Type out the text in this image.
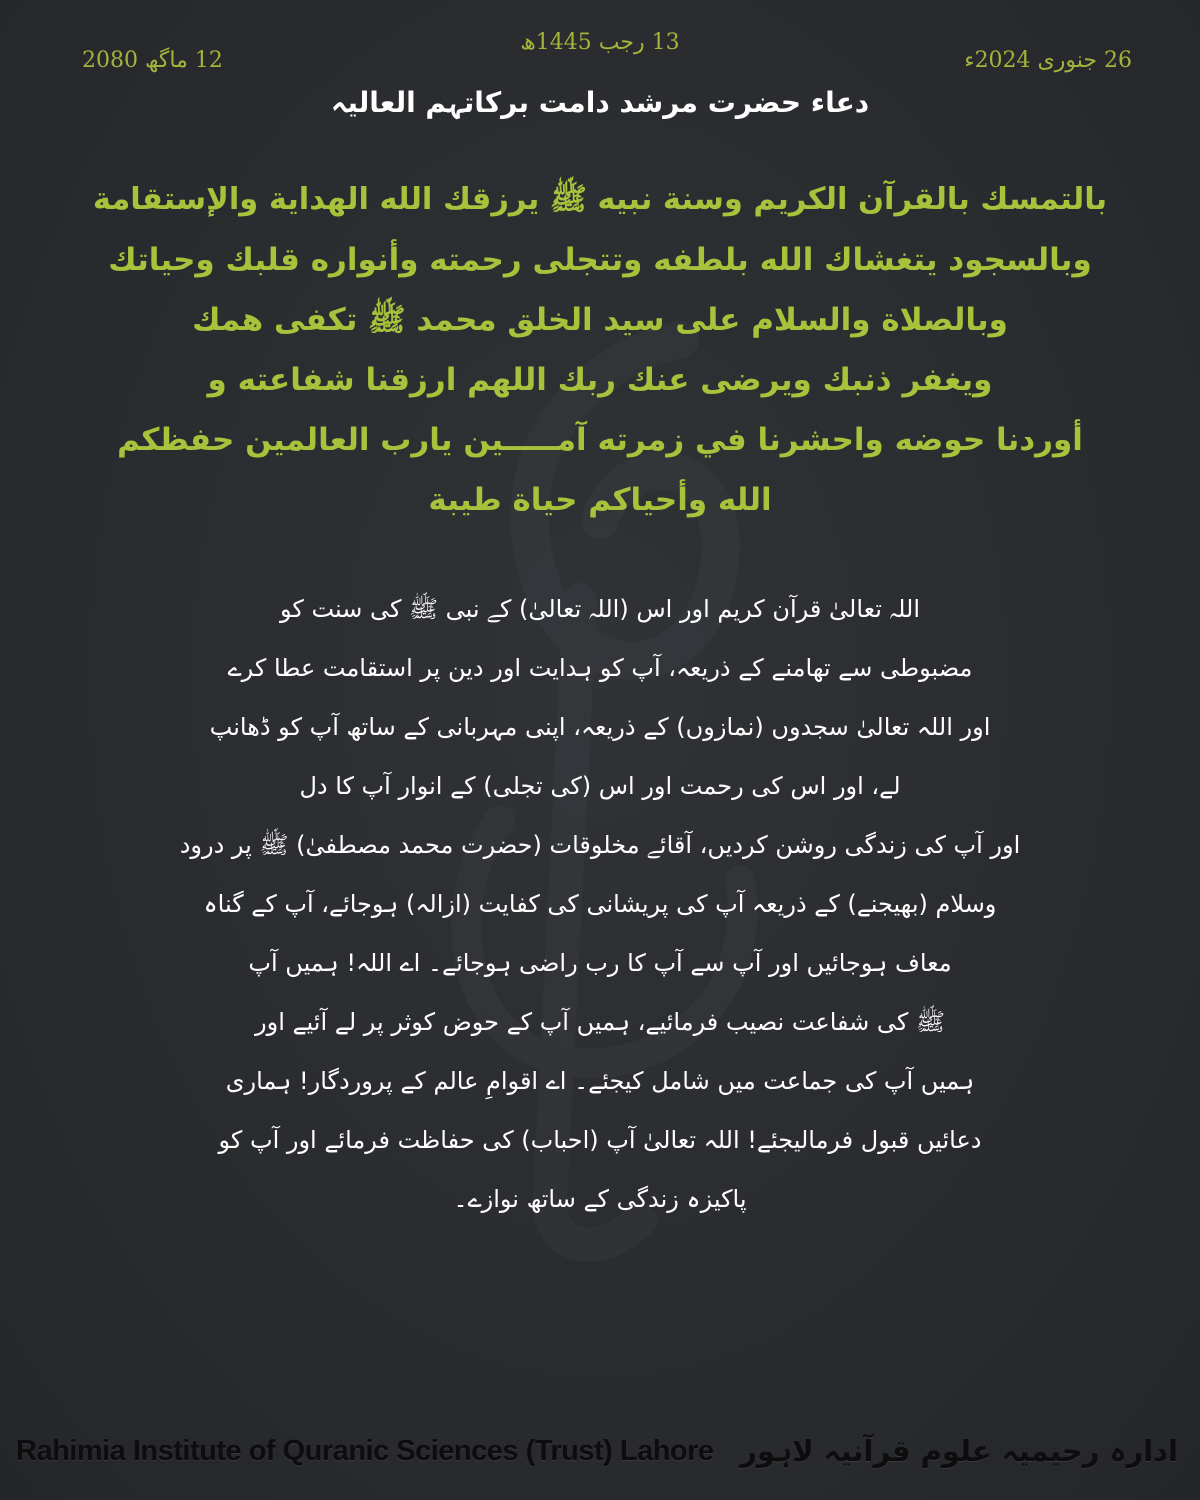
13 رجب 1445ھ
12 ماگھ 2080	26 جنوری 2024ء
دعاء حضرت مرشد دامت برکاتہم العالیہ
بالتمسك بالقرآن الكريم وسنة نبيه ﷺ يرزقك الله الهداية والإستقامة
وبالسجود يتغشاك الله بلطفه وتتجلى رحمته وأنواره قلبك وحياتك
وبالصلاة والسلام على سيد الخلق محمد ﷺ تكفى همك
ويغفر ذنبك ويرضى عنك ربك اللهم ارزقنا شفاعته و
أوردنا حوضه واحشرنا في زمرته آمـــــين يارب العالمين حفظكم
الله وأحياكم حياة طيبة
اللہ تعالیٰ قرآن کریم اور اس (اللہ تعالیٰ) کے نبی ﷺ کی سنت کو
مضبوطی سے تھامنے کے ذریعہ، آپ کو ہدایت اور دین پر استقامت عطا کرے
اور اللہ تعالیٰ سجدوں (نمازوں) کے ذریعہ، اپنی مہربانی کے ساتھ آپ کو ڈھانپ
لے، اور اس کی رحمت اور اس (کی تجلی) کے انوار آپ کا دل
اور آپ کی زندگی روشن کردیں، آقائے مخلوقات (حضرت محمد مصطفیٰ) ﷺ پر درود
وسلام (بھیجنے) کے ذریعہ آپ کی پریشانی کی کفایت (ازالہ) ہوجائے، آپ کے گناہ
معاف ہوجائیں اور آپ سے آپ کا رب راضی ہوجائے۔ اے اللہ! ہمیں آپ
ﷺ کی شفاعت نصیب فرمائیے، ہمیں آپ کے حوض کوثر پر لے آئیے اور
ہمیں آپ کی جماعت میں شامل کیجئے۔ اے اقوامِ عالم کے پروردگار! ہماری
دعائیں قبول فرمالیجئے! اللہ تعالیٰ آپ (احباب) کی حفاظت فرمائے اور آپ کو
پاکیزہ زندگی کے ساتھ نوازے۔
Rahimia Institute of Quranic Sciences (Trust) Lahore ادارہ رحیمیہ علوم قرآنیہ لاہور
